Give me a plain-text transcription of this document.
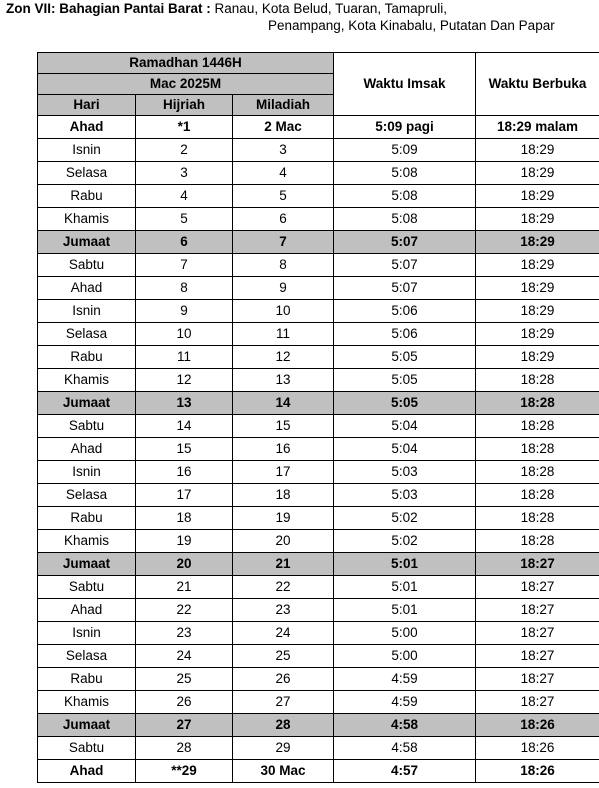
Zon VII: Bahagian Pantai Barat : Ranau, Kota Belud, Tuaran, Tamapruli,
Penampang, Kota Kinabalu, Putatan Dan Papar
Ramadhan 1446H			Waktu Imsak	Waktu Berbuka
Mac 2025M				
Hari	Hijriah	Miladiah		
Ahad	*1	2 Mac	5:09 pagi	18:29 malam
Isnin	2	3	5:09	18:29
Selasa	3	4	5:08	18:29
Rabu	4	5	5:08	18:29
Khamis	5	6	5:08	18:29
Jumaat	6	7	5:07	18:29
Sabtu	7	8	5:07	18:29
Ahad	8	9	5:07	18:29
Isnin	9	10	5:06	18:29
Selasa	10	11	5:06	18:29
Rabu	11	12	5:05	18:29
Khamis	12	13	5:05	18:28
Jumaat	13	14	5:05	18:28
Sabtu	14	15	5:04	18:28
Ahad	15	16	5:04	18:28
Isnin	16	17	5:03	18:28
Selasa	17	18	5:03	18:28
Rabu	18	19	5:02	18:28
Khamis	19	20	5:02	18:28
Jumaat	20	21	5:01	18:27
Sabtu	21	22	5:01	18:27
Ahad	22	23	5:01	18:27
Isnin	23	24	5:00	18:27
Selasa	24	25	5:00	18:27
Rabu	25	26	4:59	18:27
Khamis	26	27	4:59	18:27
Jumaat	27	28	4:58	18:26
Sabtu	28	29	4:58	18:26
Ahad	**29	30 Mac	4:57	18:26
